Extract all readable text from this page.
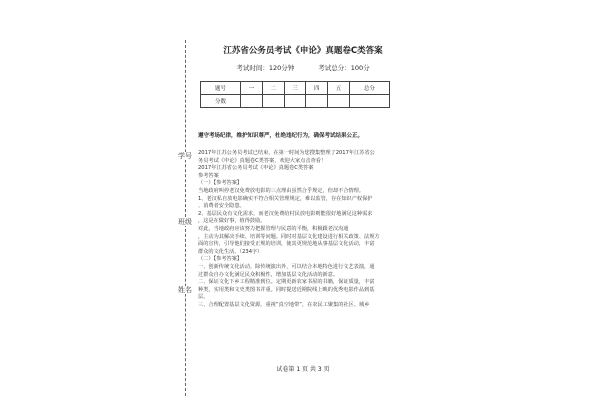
学号
班级
姓名
江苏省公务员考试《申论》真题卷C类答案
考试时间：120分钟	考试总分：100分
题号	一	二	三	四	五	总分
分数						
遵守考场纪律，维护知识尊严，杜绝违纪行为，确保考试结果公正。

2017年江苏公务员考试已结束，在第一时间为您搜集整理了2017年江苏省公

务员考试《申论》真题卷C类答案，欢迎大家点击查看！

2017年江苏省公务员考试《申论》真题卷C类答案

参考答案

（一）【参考答案】

当地政府叫停老汉免费放电影的三点理由虽然合乎规定，但却不合情理。

1、老汉私自放电影确实不符合相关管理规定，难以监管，存在知识产权保护

、消费者安全隐患。

2、基层民众有文化需求，而老汉免费给村民放电影则能很好地满足这种需求

，这是在做好事，值得鼓励。

对此，当地政府应该努力把握管理与民意的平衡，积极跟老汉沟通

，主动为其解决手续、培训等问题。同时对基层文化建设进行相关政策、法规方

面的宣传，引导他们接受正规的培训，使其更规范地从事基层文化活动，丰富

群众的文化生活。（234字）

（二）【参考答案】

一、创新传统文化活动。除传统演出外，可以结合本地特色进行文艺表演，通

过群众自办文化满足民众积极性，增加基层文化活动的新意。

二、保证文化下乡工程精准到位。定期更新农家书屋的书籍，保证质量，丰富

种类，实用类和文史类图书并重。同时提送近期院线上映的优秀电影作品到基

层。

三、合理配置基层文化资源。重视“真空地带”，在农民工聚集的社区、城乡

试卷第 1 页 共 3 页
